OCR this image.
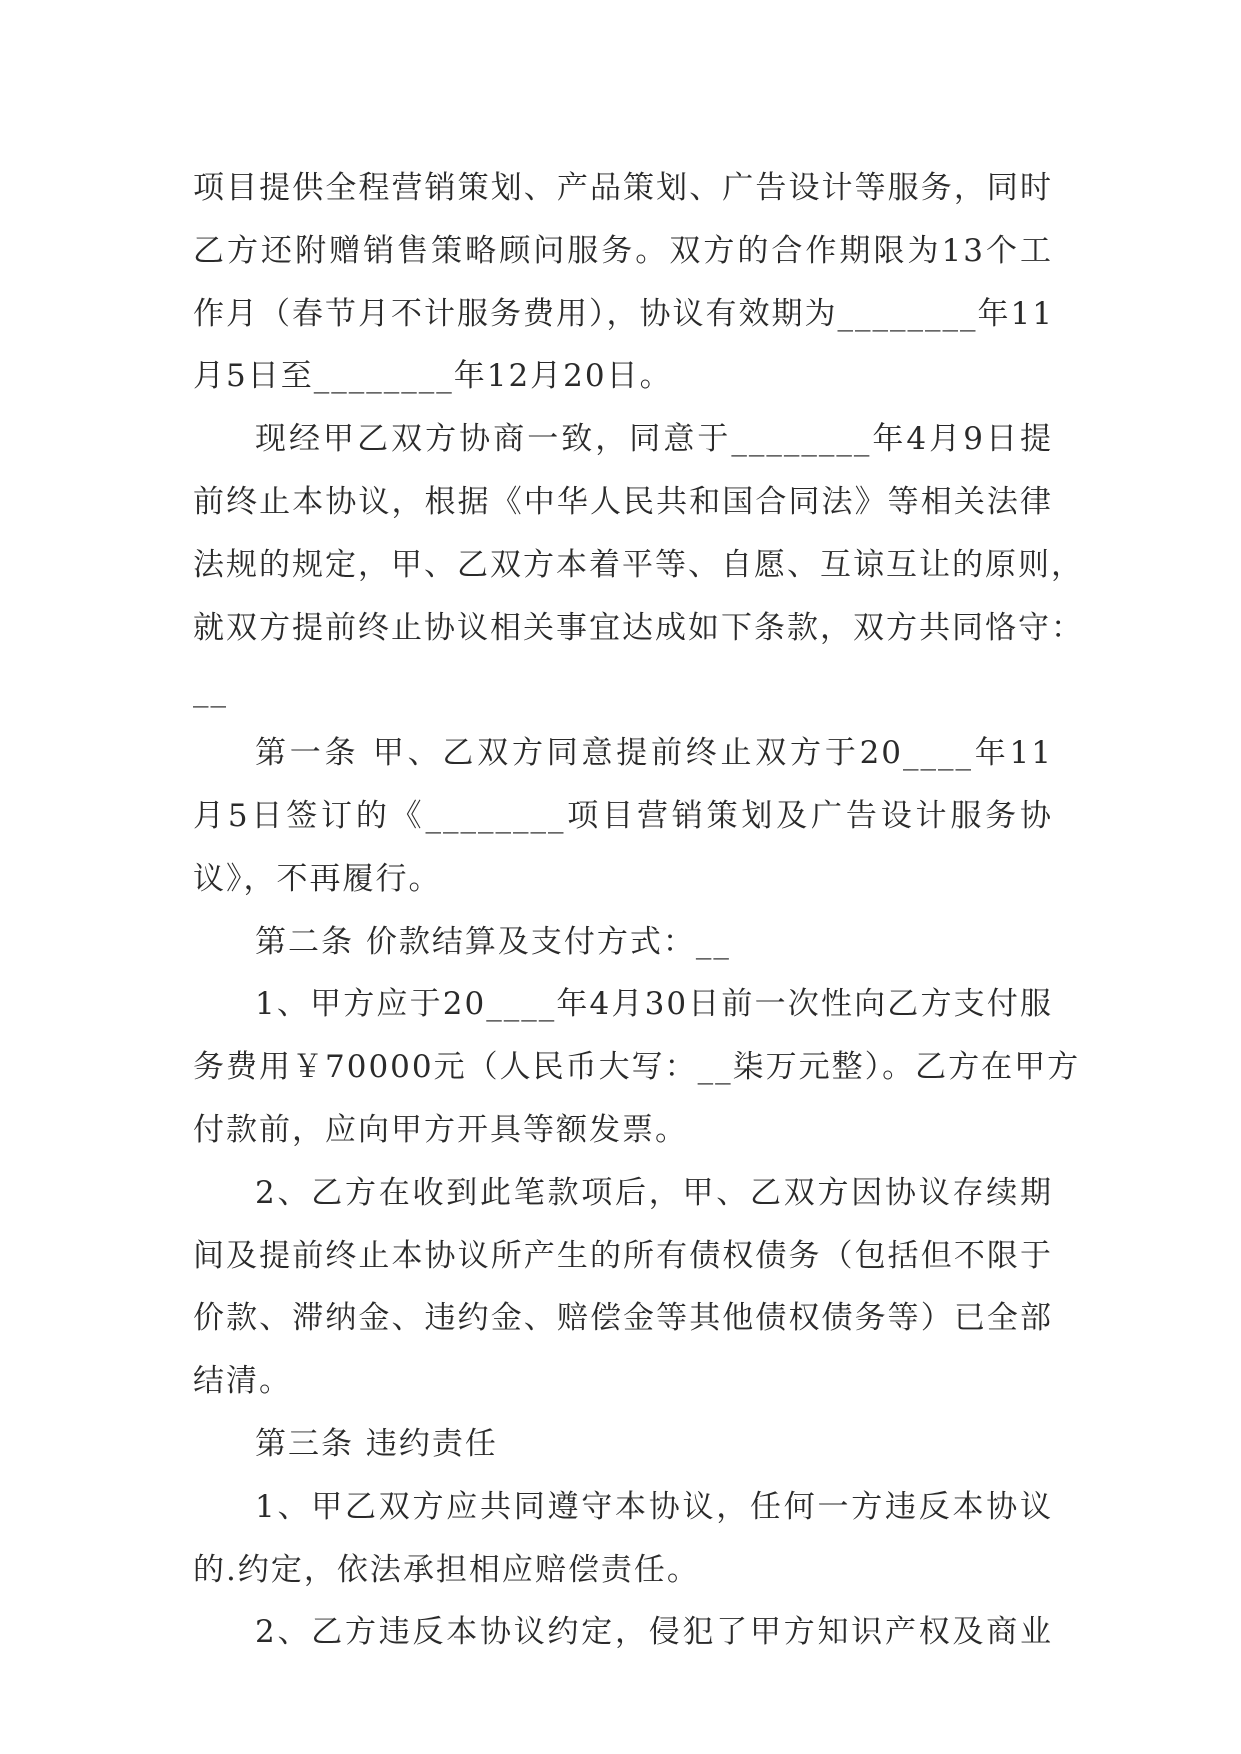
项目提供全程营销策划、产品策划、广告设计等服务，同时
乙方还附赠销售策略顾问服务。双方的合作期限为13个工
作月（春节月不计服务费用），协议有效期为________年11
月5日至________年12月20日。
现经甲乙双方协商一致，同意于________年4月9日提
前终止本协议，根据《中华人民共和国合同法》等相关法律
法规的规定，甲、乙双方本着平等、自愿、互谅互让的原则，
就双方提前终止协议相关事宜达成如下条款，双方共同恪守：
__
第一条 甲、乙双方同意提前终止双方于20____年11
月5日签订的《________项目营销策划及广告设计服务协
议》，不再履行。
第二条 价款结算及支付方式：__
1、甲方应于20____年4月30日前一次性向乙方支付服
务费用￥70000元（人民币大写：__柒万元整）。乙方在甲方
付款前，应向甲方开具等额发票。
2、乙方在收到此笔款项后，甲、乙双方因协议存续期
间及提前终止本协议所产生的所有债权债务（包括但不限于
价款、滞纳金、违约金、赔偿金等其他债权债务等）已全部
结清。
第三条 违约责任
1、甲乙双方应共同遵守本协议，任何一方违反本协议
的.约定，依法承担相应赔偿责任。
2、乙方违反本协议约定，侵犯了甲方知识产权及商业
